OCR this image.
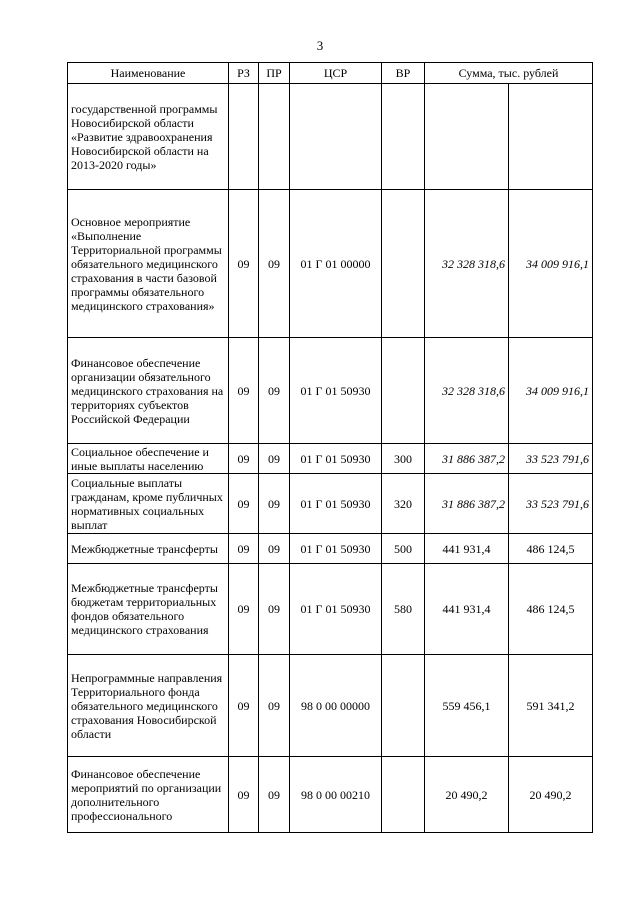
3
Наименование	РЗ	ПР	ЦСР	ВР	Сумма, тыс. рублей	
государственной программы Новосибирской области «Развитие здравоохранения Новосибирской области на 2013-2020 годы»						
Основное мероприятие «Выполнение Территориальной программы обязательного медицинского страхования в части базовой программы обязательного медицинского страхования»	09	09	01 Г 01 00000		32 328 318,6	34 009 916,1
Финансовое обеспечение организации обязательного медицинского страхования на территориях субъектов Российской Федерации	09	09	01 Г 01 50930		32 328 318,6	34 009 916,1
Социальное обеспечение и иные выплаты населению	09	09	01 Г 01 50930	300	31 886 387,2	33 523 791,6
Социальные выплаты гражданам, кроме публичных нормативных социальных выплат	09	09	01 Г 01 50930	320	31 886 387,2	33 523 791,6
Межбюджетные трансферты	09	09	01 Г 01 50930	500	441 931,4	486 124,5
Межбюджетные трансферты бюджетам территориальных фондов обязательного медицинского страхования	09	09	01 Г 01 50930	580	441 931,4	486 124,5
Непрограммные направления Территориального фонда обязательного медицинского страхования Новосибирской области	09	09	98 0 00 00000		559 456,1	591 341,2
Финансовое обеспечение мероприятий по организации дополнительного профессионального	09	09	98 0 00 00210		20 490,2	20 490,2
